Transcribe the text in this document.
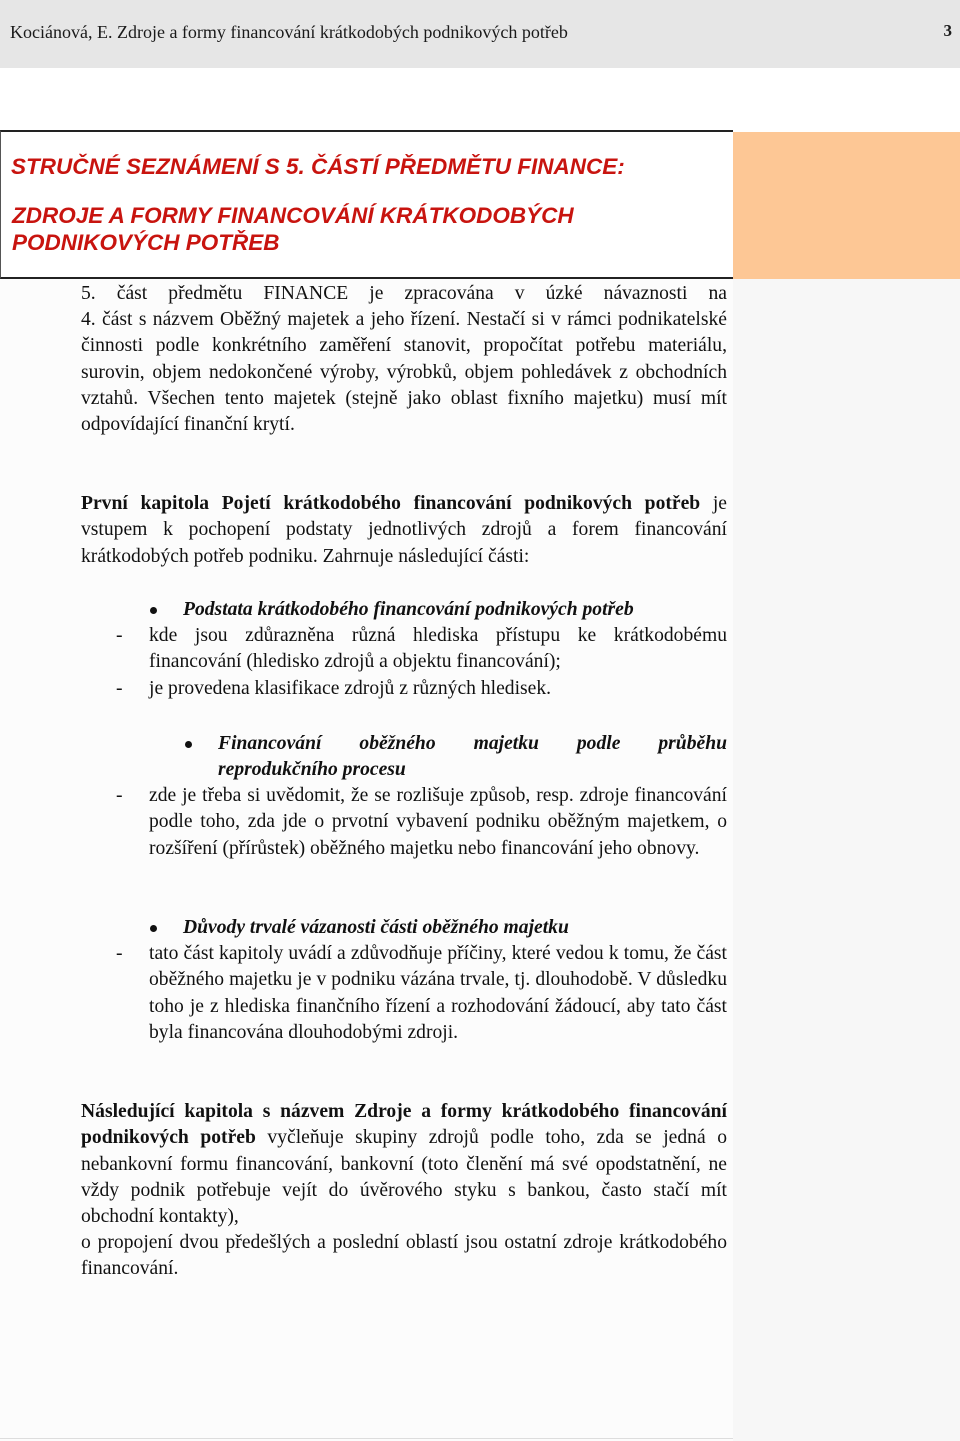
Kociánová, E. Zdroje a formy financování krátkodobých podnikových potřeb	3
STRUČNÉ SEZNÁMENÍ S 5. ČÁSTÍ PŘEDMĚTU FINANCE:
ZDROJE A FORMY FINANCOVÁNÍ KRÁTKODOBÝCH PODNIKOVÝCH POTŘEB

5. část předmětu FINANCE je zpracována v úzké návaznosti na

4. část s názvem Oběžný majetek a jeho řízení. Nestačí si v rámci podnikatelské činnosti podle konkrétního zaměření stanovit, propočítat potřebu materiálu, surovin, objem nedokončené výroby, výrobků, objem pohledávek z obchodních vztahů. Všechen tento majetek (stejně jako oblast fixního majetku) musí mít odpovídající finanční krytí.

První kapitola Pojetí krátkodobého financování podnikových potřeb je vstupem k pochopení podstaty jednotlivých zdrojů a forem financování krátkodobých potřeb podniku. Zahrnuje následující části:

Podstata krátkodobého financování podnikových potřeb
- kde jsou zdůrazněna různá hlediska přístupu ke krátkodobému financování (hledisko zdrojů a objektu financování);
- je provedena klasifikace zdrojů z různých hledisek.
Financování oběžného majetku podle průběhu
reprodukčního procesu
- zde je třeba si uvědomit, že se rozlišuje způsob, resp. zdroje financování podle toho, zda jde o prvotní vybavení podniku oběžným majetkem, o rozšíření (přírůstek) oběžného majetku nebo financování jeho obnovy.
Důvody trvalé vázanosti části oběžného majetku
- tato část kapitoly uvádí a zdůvodňuje příčiny, které vedou k tomu, že část oběžného majetku je v podniku vázána trvale, tj. dlouhodobě. V důsledku toho je z hlediska finančního řízení a rozhodování žádoucí, aby tato část byla financována dlouhodobými zdroji.

Následující kapitola s názvem Zdroje a formy krátkodobého financování podnikových potřeb vyčleňuje skupiny zdrojů podle toho, zda se jedná o nebankovní formu financování, bankovní (toto členění má své opodstatnění, ne vždy podnik potřebuje vejít do úvěrového styku s bankou, často stačí mít obchodní kontakty),

o propojení dvou předešlých a poslední oblastí jsou ostatní zdroje krátkodobého financování.
